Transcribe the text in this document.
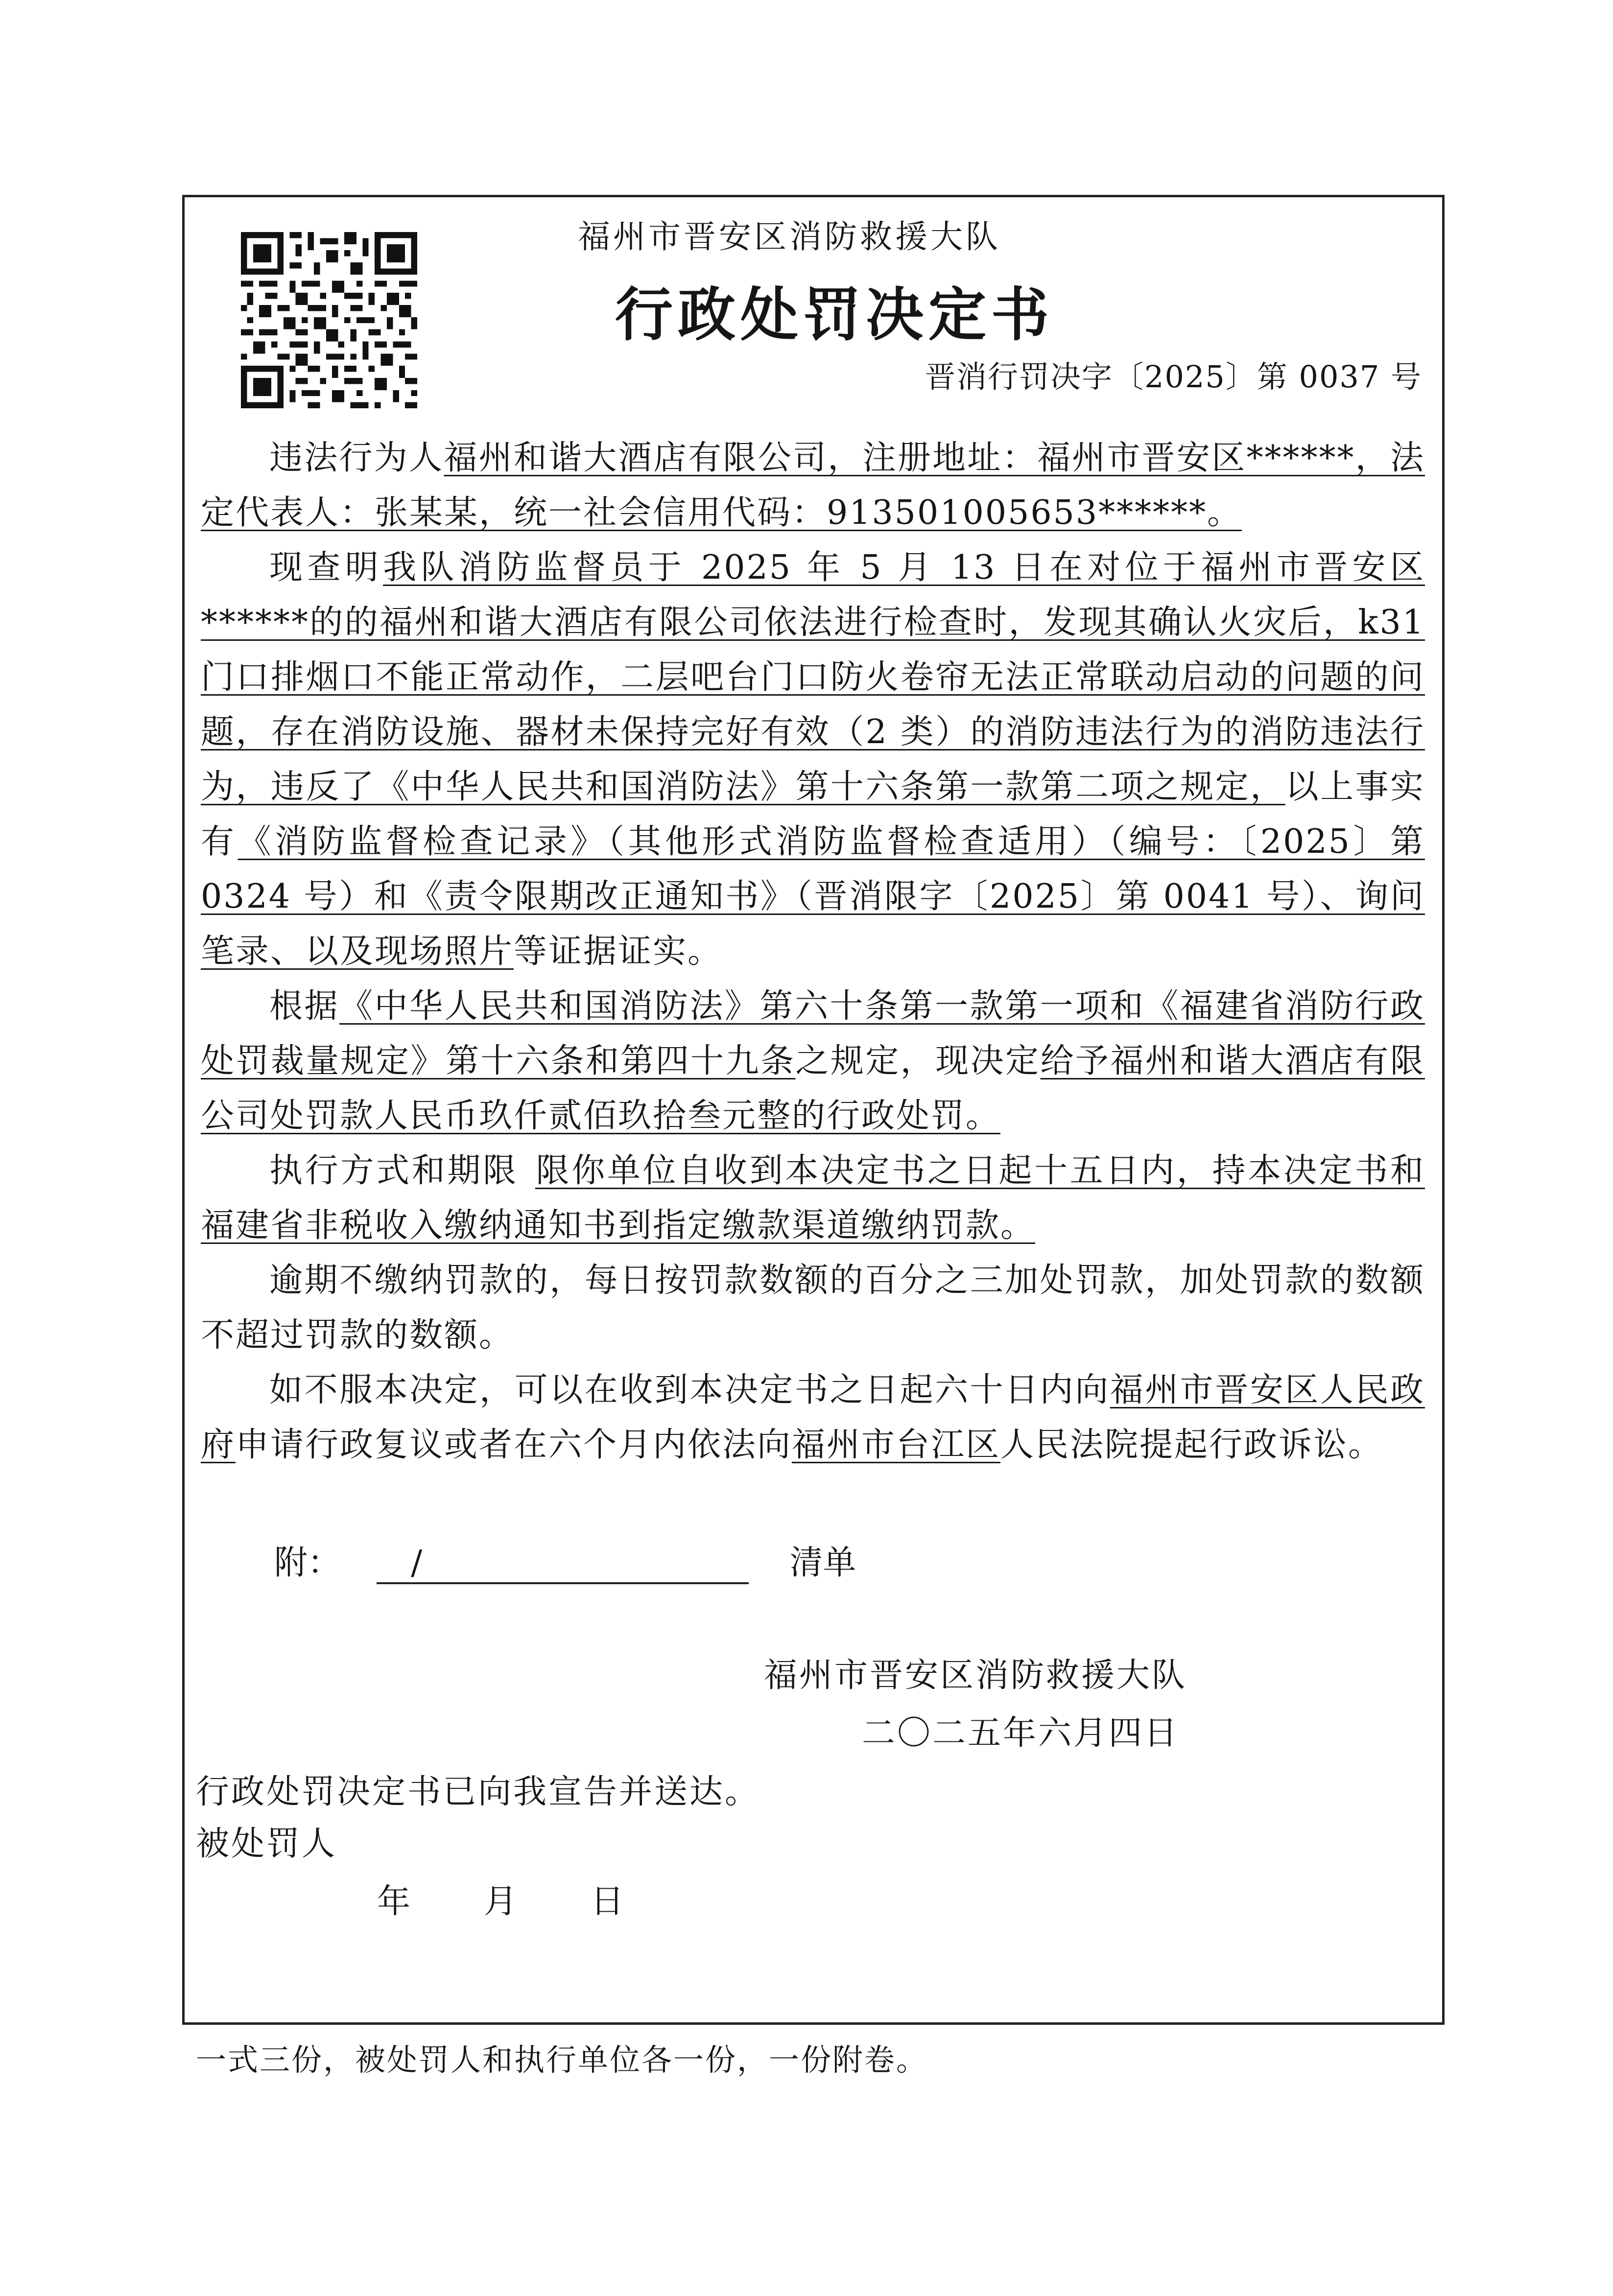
福州市晋安区消防救援大队
行政处罚决定书
晋消行罚决字〔2025〕第 0037 号

违法行为人福州和谐大酒店有限公司，注册地址：福州市晋安区******，法定代表人：张某某，统一社会信用代码：913501005653******。

现查明我队消防监督员于 2025 年 5 月 13 日在对位于福州市晋安区******的的福州和谐大酒店有限公司依法进行检查时，发现其确认火灾后，k31 门口排烟口不能正常动作，二层吧台门口防火卷帘无法正常联动启动的问题的问题，存在消防设施、器材未保持完好有效（2 类）的消防违法行为的消防违法行为，违反了《中华人民共和国消防法》第十六条第一款第二项之规定，以上事实有《消防监督检查记录》（其他形式消防监督检查适用）（编号：〔2025〕第 0324 号）和《责令限期改正通知书》（晋消限字〔2025〕第 0041 号）、询问笔录、以及现场照片等证据证实。

根据《中华人民共和国消防法》第六十条第一款第一项和《福建省消防行政处罚裁量规定》第十六条和第四十九条之规定，现决定给予福州和谐大酒店有限公司处罚款人民币玖仟贰佰玖拾叁元整的行政处罚。

执行方式和期限 限你单位自收到本决定书之日起十五日内，持本决定书和福建省非税收入缴纳通知书到指定缴款渠道缴纳罚款。

逾期不缴纳罚款的，每日按罚款数额的百分之三加处罚款，加处罚款的数额不超过罚款的数额。

如不服本决定，可以在收到本决定书之日起六十日内向福州市晋安区人民政府申请行政复议或者在六个月内依法向福州市台江区人民法院提起行政诉讼。

附： /	清单
福州市晋安区消防救援大队
二〇二五年六月四日
行政处罚决定书已向我宣告并送达。
被处罚人
年 月 日
一式三份，被处罚人和执行单位各一份，一份附卷。
